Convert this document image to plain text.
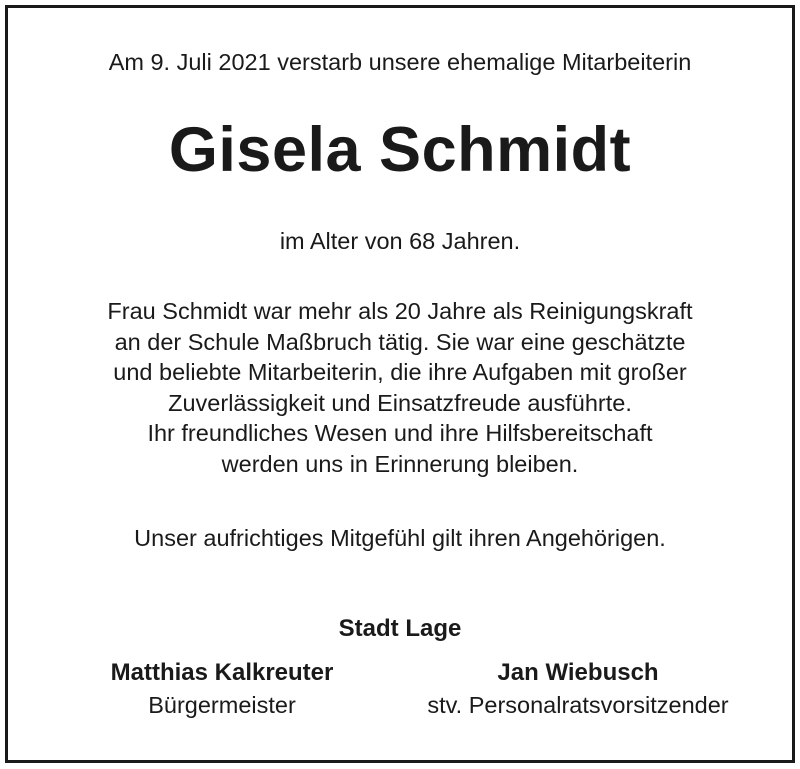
Am 9. Juli 2021 verstarb unsere ehemalige Mitarbeiterin
Gisela Schmidt
im Alter von 68 Jahren.
Frau Schmidt war mehr als 20 Jahre als Reinigungskraft
an der Schule Maßbruch tätig. Sie war eine geschätzte
und beliebte Mitarbeiterin, die ihre Aufgaben mit großer
Zuverlässigkeit und Einsatzfreude ausführte.
Ihr freundliches Wesen und ihre Hilfsbereitschaft
werden uns in Erinnerung bleiben.
Unser aufrichtiges Mitgefühl gilt ihren Angehörigen.
Stadt Lage
Matthias Kalkreuter
Bürgermeister
Jan Wiebusch
stv. Personalratsvorsitzender
